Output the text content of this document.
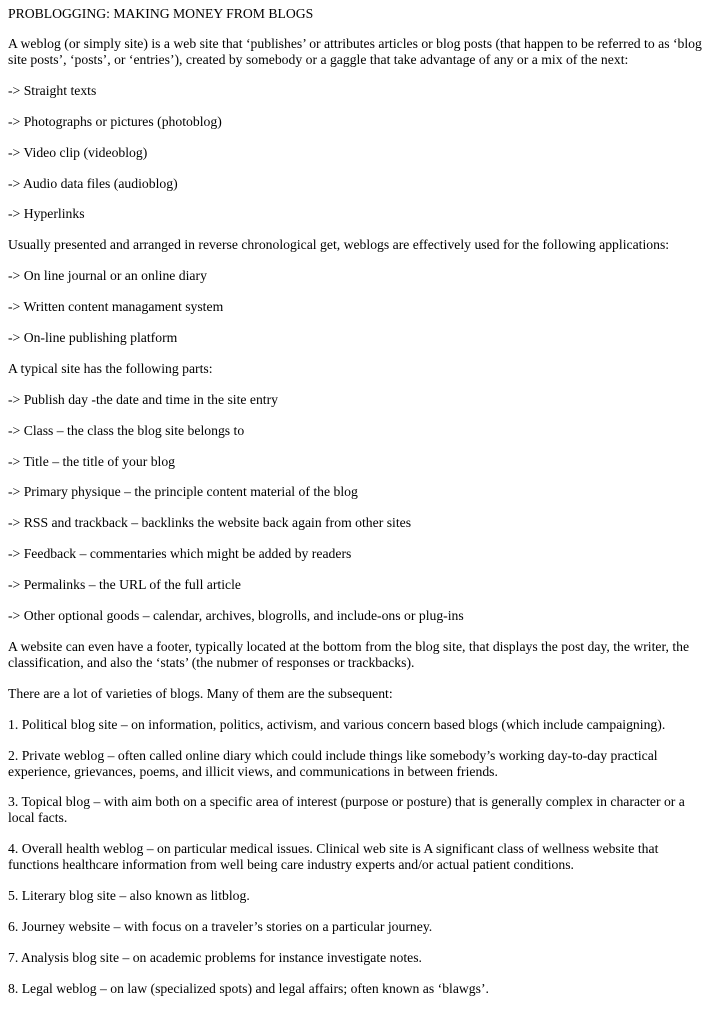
PROBLOGGING: MAKING MONEY FROM BLOGS

A weblog (or simply site) is a web site that ‘publishes’ or attributes articles or blog posts (that happen to be referred to as ‘blog site posts’, ‘posts’, or ‘entries’), created by somebody or a gaggle that take advantage of any or a mix of the next:

-> Straight texts

-> Photographs or pictures (photoblog)

-> Video clip (videoblog)

-> Audio data files (audioblog)

-> Hyperlinks

Usually presented and arranged in reverse chronological get, weblogs are effectively used for the following applications:

-> On line journal or an online diary

-> Written content managament system

-> On-line publishing platform

A typical site has the following parts:

-> Publish day -the date and time in the site entry

-> Class – the class the blog site belongs to

-> Title – the title of your blog

-> Primary physique – the principle content material of the blog

-> RSS and trackback – backlinks the website back again from other sites

-> Feedback – commentaries which might be added by readers

-> Permalinks – the URL of the full article

-> Other optional goods – calendar, archives, blogrolls, and include-ons or plug-ins

A website can even have a footer, typically located at the bottom from the blog site, that displays the post day, the writer, the classification, and also the ‘stats’ (the nubmer of responses or trackbacks).

There are a lot of varieties of blogs. Many of them are the subsequent:

1. Political blog site – on information, politics, activism, and various concern based blogs (which include campaigning).

2. Private weblog – often called online diary which could include things like somebody’s working day-to-day practical experience, grievances, poems, and illicit views, and communications in between friends.

3. Topical blog – with aim both on a specific area of interest (purpose or posture) that is generally complex in character or a local facts.

4. Overall health weblog – on particular medical issues. Clinical web site is A significant class of wellness website that functions healthcare information from well being care industry experts and/or actual patient conditions.

5. Literary blog site – also known as litblog.

6. Journey website – with focus on a traveler’s stories on a particular journey.

7. Analysis blog site – on academic problems for instance investigate notes.

8. Legal weblog – on law (specialized spots) and legal affairs; often known as ‘blawgs’.
